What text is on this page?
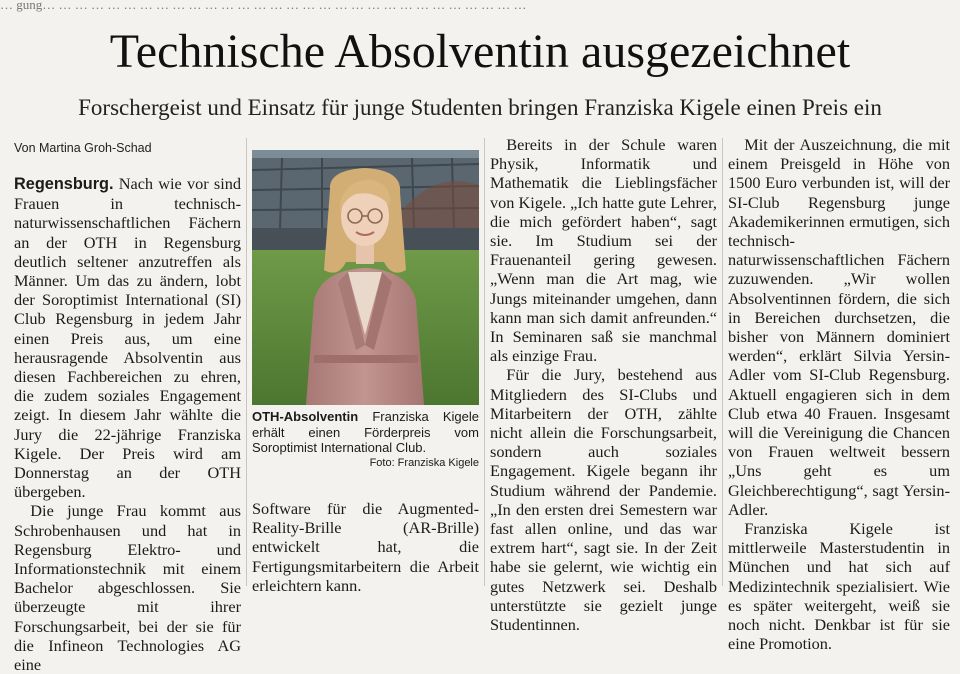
… gung… … … … … … … … … … … … … … … … … … … … … … … … … … … … … …
Technische Absolventin ausgezeichnet
Forschergeist und Einsatz für junge Studenten bringen Franziska Kigele einen Preis ein
Von Martina Groh-Schad

Regensburg. Nach wie vor sind Frauen in technisch-naturwissenschaftlichen Fächern an der OTH in Regensburg deutlich seltener anzutreffen als Männer. Um das zu ändern, lobt der Soroptimist International (SI) Club Regensburg in jedem Jahr einen Preis aus, um eine herausragende Absolventin aus diesen Fachbereichen zu ehren, die zudem soziales Engagement zeigt. In diesem Jahr wählte die Jury die 22-jährige Franziska Kigele. Der Preis wird am Donnerstag an der OTH übergeben.

Die junge Frau kommt aus Schrobenhausen und hat in Regensburg Elektro- und Informationstechnik mit einem Bachelor abgeschlossen. Sie überzeugte mit ihrer Forschungsarbeit, bei der sie für die Infineon Technologies AG eine

OTH-Absolventin Franziska Kigele erhält einen Förderpreis vom Soroptimist International Club.
Foto: Franziska Kigele

Software für die Augmented-Reality-Brille (AR-Brille) entwickelt hat, die Fertigungsmitarbeitern die Arbeit erleichtern kann.

Bereits in der Schule waren Physik, Informatik und Mathematik die Lieblingsfächer von Kigele. „Ich hatte gute Lehrer, die mich gefördert haben“, sagt sie. Im Studium sei der Frauenanteil gering gewesen. „Wenn man die Art mag, wie Jungs miteinander umgehen, dann kann man sich damit anfreunden.“ In Seminaren saß sie manchmal als einzige Frau.

Für die Jury, bestehend aus Mitgliedern des SI-Clubs und Mitarbeitern der OTH, zählte nicht allein die Forschungsarbeit, sondern auch soziales Engagement. Kigele begann ihr Studium während der Pandemie. „In den ersten drei Semestern war fast allen online, und das war extrem hart“, sagt sie. In der Zeit habe sie gelernt, wie wichtig ein gutes Netzwerk sei. Deshalb unterstützte sie gezielt junge Studentinnen.

Mit der Auszeichnung, die mit einem Preisgeld in Höhe von 1500 Euro verbunden ist, will der SI-Club Regensburg junge Akademikerinnen ermutigen, sich technisch-naturwissenschaftlichen Fächern zuzuwenden. „Wir wollen Absolventinnen fördern, die sich in Bereichen durchsetzen, die bisher von Männern dominiert werden“, erklärt Silvia Yersin-Adler vom SI-Club Regensburg. Aktuell engagieren sich in dem Club etwa 40 Frauen. Insgesamt will die Vereinigung die Chancen von Frauen weltweit bessern „Uns geht es um Gleichberechtigung“, sagt Yersin-Adler.

Franziska Kigele ist mittlerweile Masterstudentin in München und hat sich auf Medizintechnik spezialisiert. Wie es später weitergeht, weiß sie noch nicht. Denkbar ist für sie eine Promotion.
